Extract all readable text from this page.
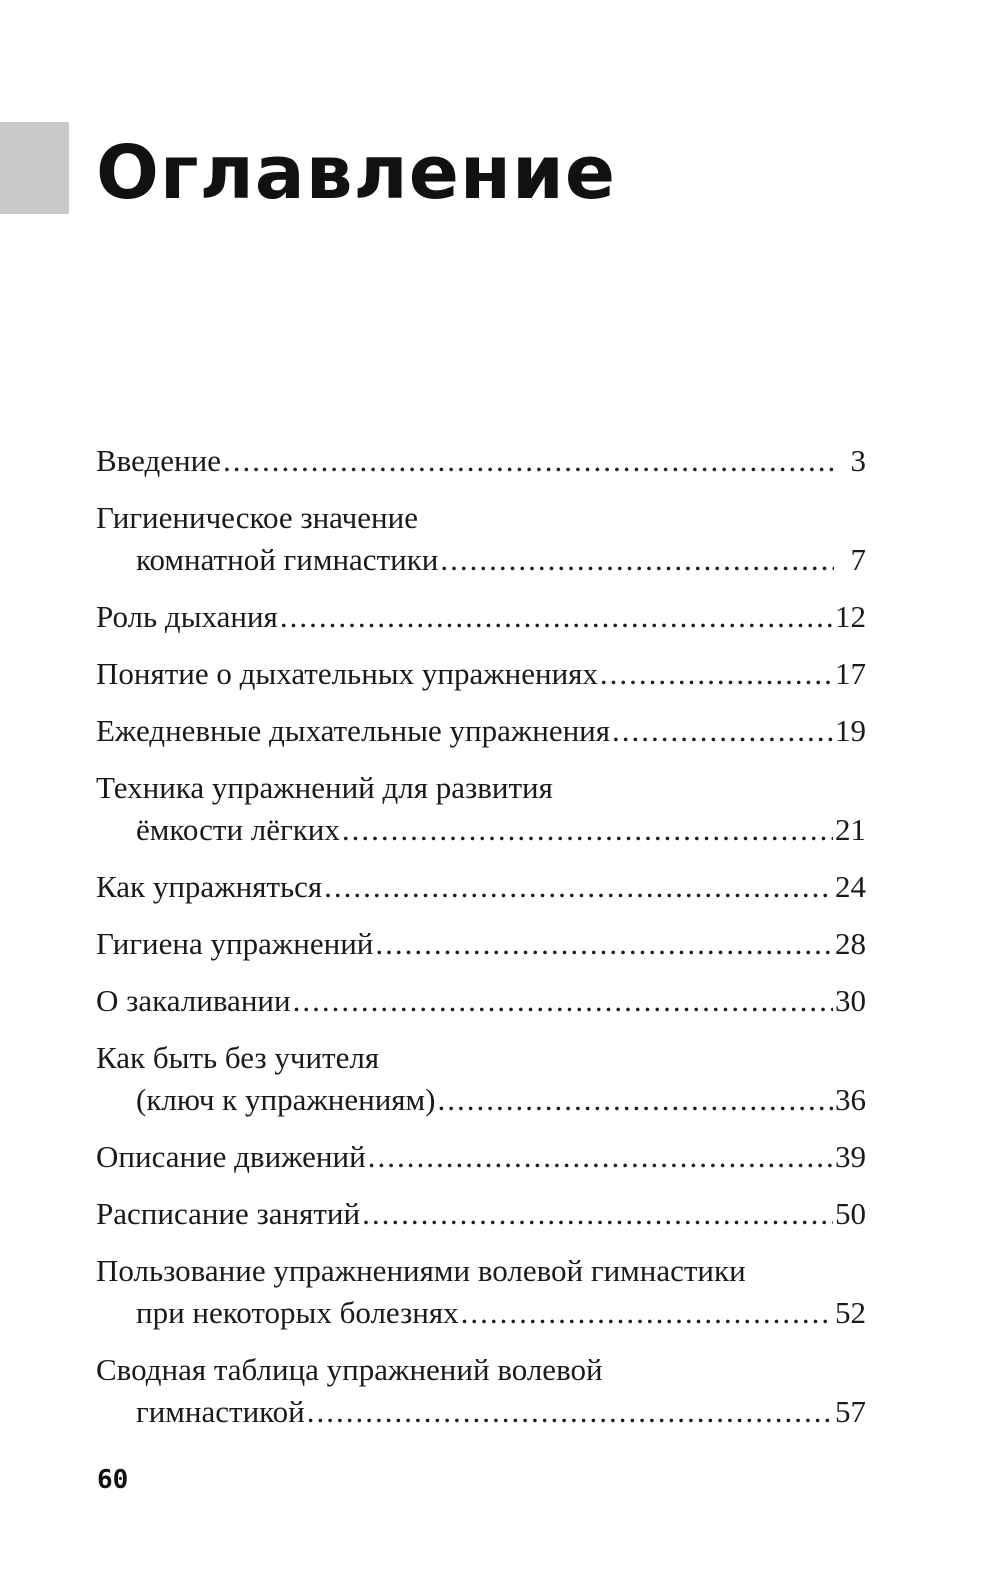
Оглавление
Введение .....	3
Гигиеническое значение
комнатной гимнастики .....	7
Роль дыхания .....	12
Понятие о дыхательных упражнениях .....	17
Ежедневные дыхательные упражнения .....	19
Техника упражнений для развития
ёмкости лёгких .....	21
Как упражняться .....	24
Гигиена упражнений .....	28
О закаливании .....	30
Как быть без учителя
(ключ к упражнениям) .....	36
Описание движений .....	39
Расписание занятий .....	50
Пользование упражнениями волевой гимнастики
при некоторых болезнях .....	52
Сводная таблица упражнений волевой
гимнастикой .....	57
60
